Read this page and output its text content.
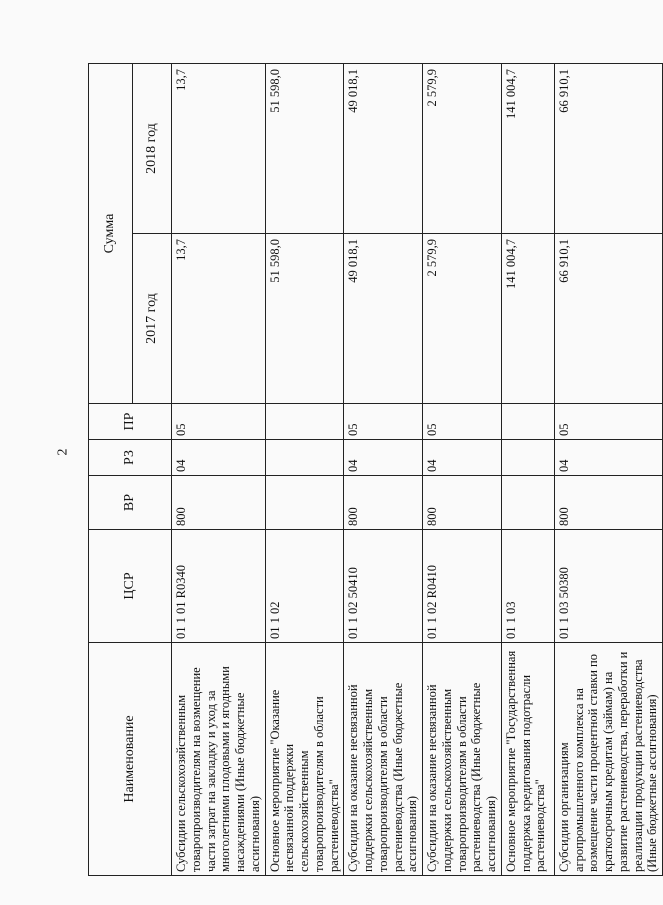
2
Наименование	ЦСР	ВР	РЗ	ПР	Сумма	
					2017 год	2018 год
Субсидии сельскохозяйственным товаропроизводителям на возмещение части затрат на закладку и уход за многолетними плодовыми и ягодными насаждениями (Иные бюджетные ассигнования)	01 1 01 R0340	800	04	05	13,7	13,7
Основное мероприятие "Оказание несвязанной поддержки сельскохозяйственным товаропроизводителям в области растениеводства"	01 1 02				51 598,0	51 598,0
Субсидии на оказание несвязанной поддержки сельскохозяйственным товаропроизводителям в области растениеводства (Иные бюджетные ассигнования)	01 1 02 50410	800	04	05	49 018,1	49 018,1
Субсидии на оказание несвязанной поддержки сельскохозяйственным товаропроизводителям в области растениеводства (Иные бюджетные ассигнования)	01 1 02 R0410	800	04	05	2 579,9	2 579,9
Основное мероприятие "Государственная поддержка кредитования подотрасли растениеводства"	01 1 03				141 004,7	141 004,7
Субсидии организациям агропромышленного комплекса на возмещение части процентной ставки по краткосрочным кредитам (займам) на развитие растениеводства, переработки и реализации продукции растениеводства (Иные бюджетные ассигнования)	01 1 03 50380	800	04	05	66 910,1	66 910,1
